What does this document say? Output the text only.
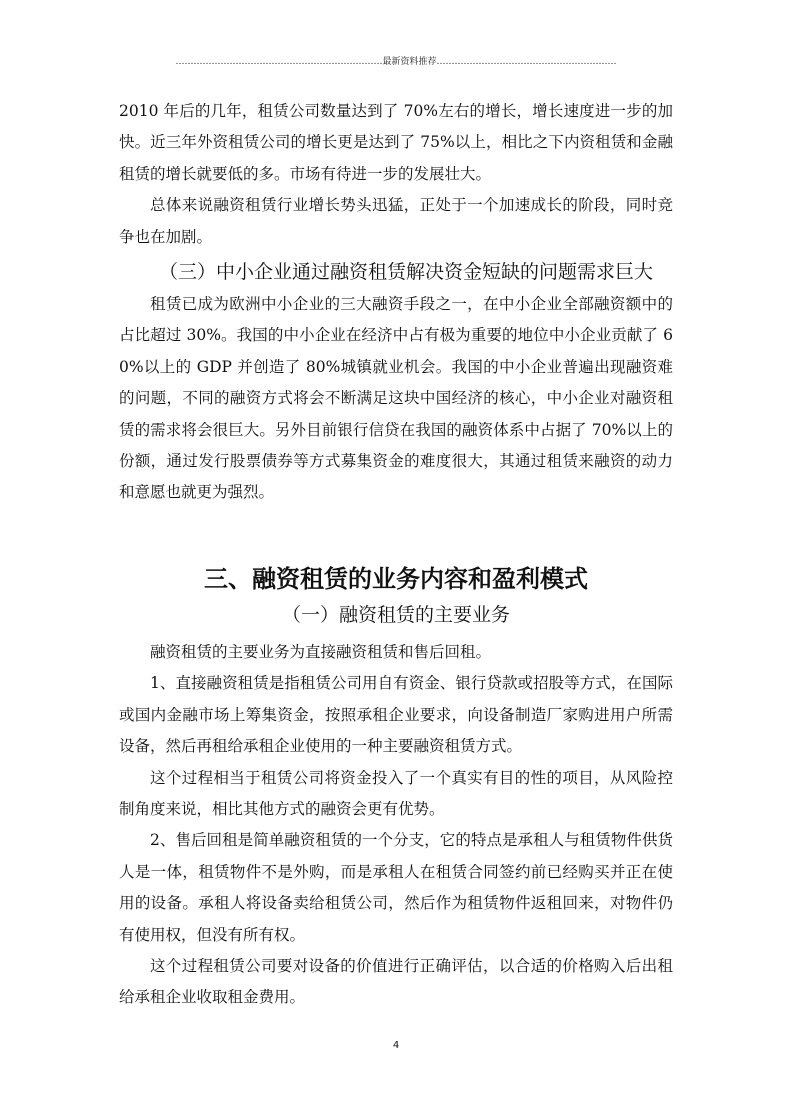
……………………………………………………………最新资料推荐……………………………………………………

2010 年后的几年，租赁公司数量达到了 70%左右的增长，增长速度进一步的加快。近三年外资租赁公司的增长更是达到了 75%以上，相比之下内资租赁和金融租赁的增长就要低的多。市场有待进一步的发展壮大。

总体来说融资租赁行业增长势头迅猛，正处于一个加速成长的阶段，同时竞争也在加剧。

（三）中小企业通过融资租赁解决资金短缺的问题需求巨大

租赁已成为欧洲中小企业的三大融资手段之一，在中小企业全部融资额中的占比超过 30%。我国的中小企业在经济中占有极为重要的地位中小企业贡献了 60%以上的 GDP 并创造了 80%城镇就业机会。我国的中小企业普遍出现融资难的问题，不同的融资方式将会不断满足这块中国经济的核心，中小企业对融资租赁的需求将会很巨大。另外目前银行信贷在我国的融资体系中占据了 70%以上的份额，通过发行股票债券等方式募集资金的难度很大，其通过租赁来融资的动力和意愿也就更为强烈。

三、融资租赁的业务内容和盈利模式

（一）融资租赁的主要业务

融资租赁的主要业务为直接融资租赁和售后回租。

1、直接融资租赁是指租赁公司用自有资金、银行贷款或招股等方式，在国际或国内金融市场上筹集资金，按照承租企业要求，向设备制造厂家购进用户所需设备，然后再租给承租企业使用的一种主要融资租赁方式。

这个过程相当于租赁公司将资金投入了一个真实有目的性的项目，从风险控制角度来说，相比其他方式的融资会更有优势。

2、售后回租是简单融资租赁的一个分支，它的特点是承租人与租赁物件供货人是一体，租赁物件不是外购，而是承租人在租赁合同签约前已经购买并正在使用的设备。承租人将设备卖给租赁公司，然后作为租赁物件返租回来，对物件仍有使用权，但没有所有权。

这个过程租赁公司要对设备的价值进行正确评估，以合适的价格购入后出租给承租企业收取租金费用。

4
